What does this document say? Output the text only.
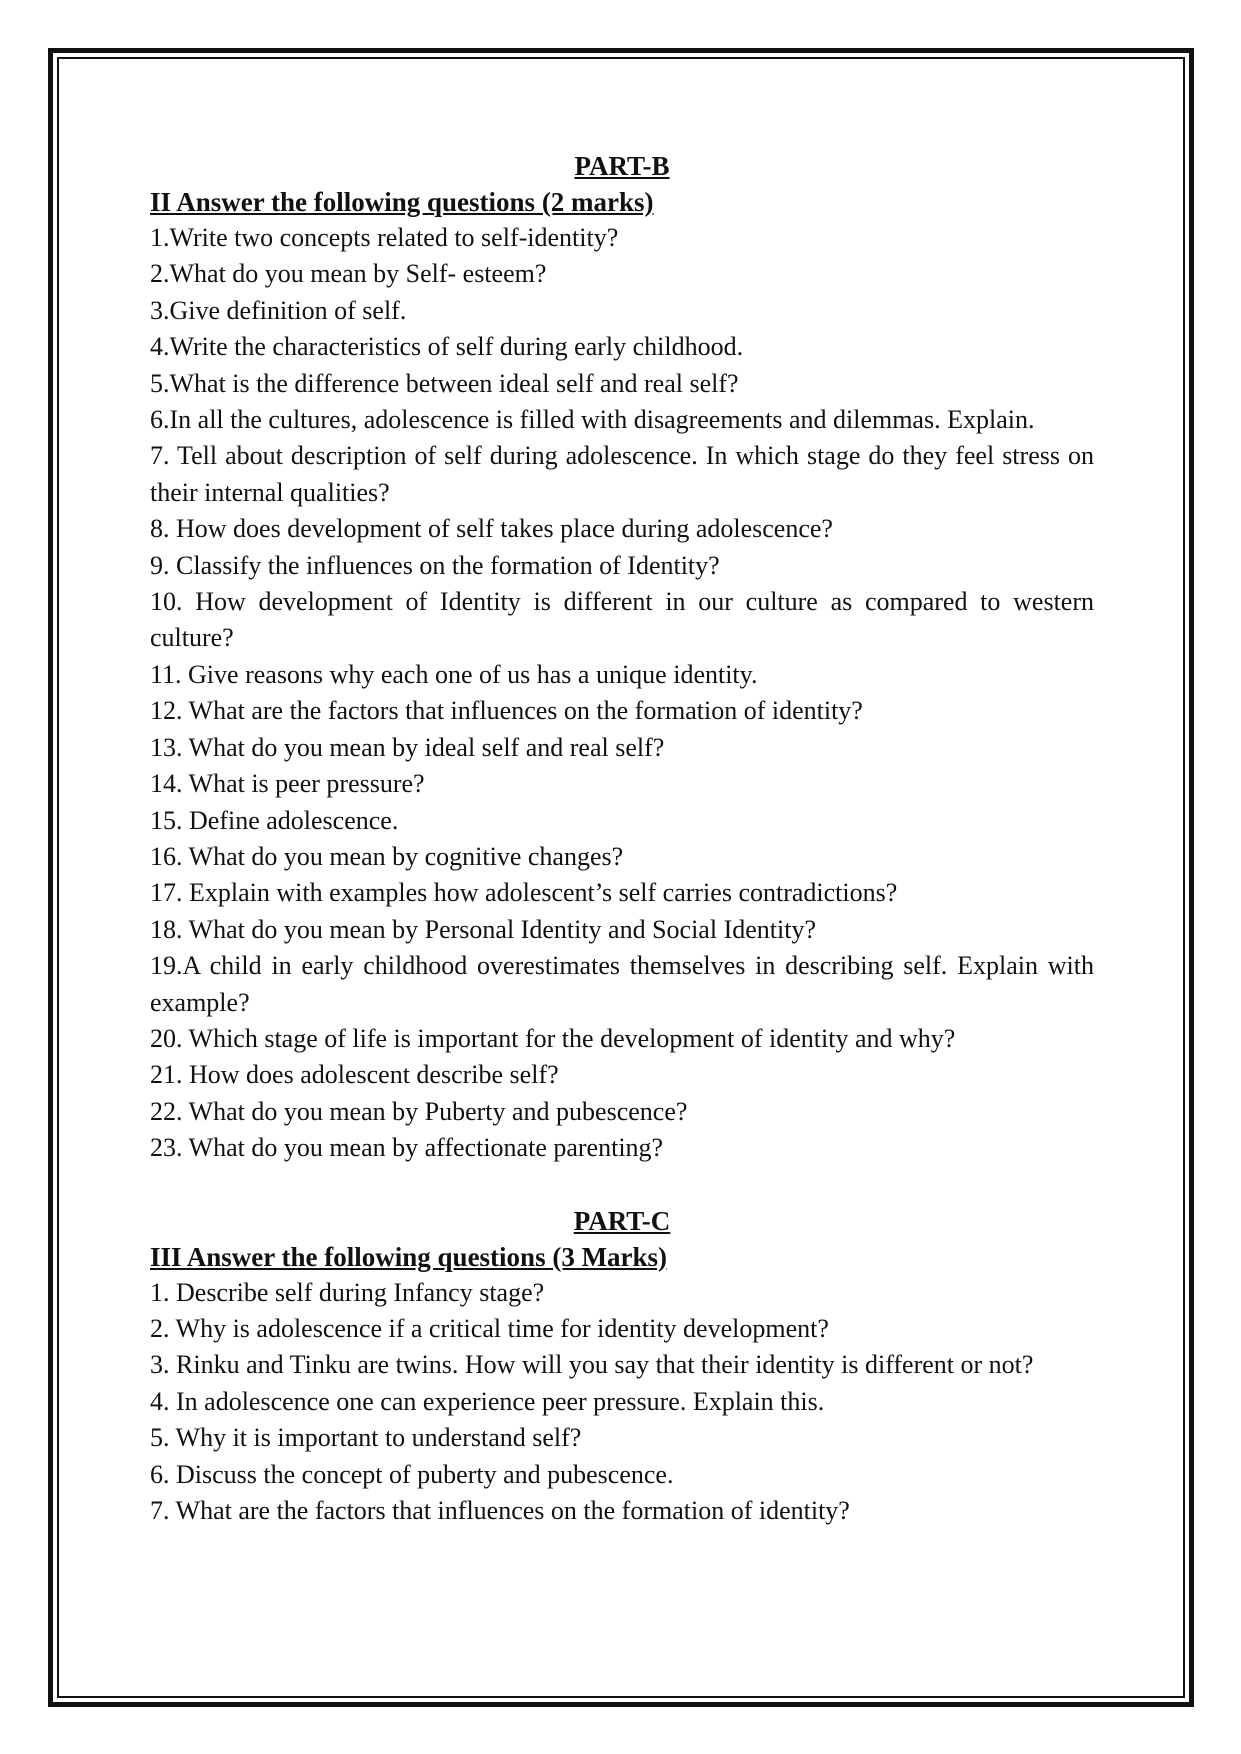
PART-B

II Answer the following questions (2 marks)

1.Write two concepts related to self-identity?

2.What do you mean by Self- esteem?

3.Give definition of self.

4.Write the characteristics of self during early childhood.

5.What is the difference between ideal self and real self?

6.In all the cultures, adolescence is filled with disagreements and dilemmas. Explain.

7. Tell about description of self during adolescence. In which stage do they feel stress on their internal qualities?

8. How does development of self takes place during adolescence?

9. Classify the influences on the formation of Identity?

10. How development of Identity is different in our culture as compared to western culture?

11. Give reasons why each one of us has a unique identity.

12. What are the factors that influences on the formation of identity?

13. What do you mean by ideal self and real self?

14. What is peer pressure?

15. Define adolescence.

16. What do you mean by cognitive changes?

17. Explain with examples how adolescent’s self carries contradictions?

18. What do you mean by Personal Identity and Social Identity?

19.A child in early childhood overestimates themselves in describing self. Explain with example?

20. Which stage of life is important for the development of identity and why?

21. How does adolescent describe self?

22. What do you mean by Puberty and pubescence?

23. What do you mean by affectionate parenting?

PART-C

III Answer the following questions (3 Marks)

1. Describe self during Infancy stage?

2. Why is adolescence if a critical time for identity development?

3. Rinku and Tinku are twins. How will you say that their identity is different or not?

4. In adolescence one can experience peer pressure. Explain this.

5. Why it is important to understand self?

6. Discuss the concept of puberty and pubescence.

7. What are the factors that influences on the formation of identity?
